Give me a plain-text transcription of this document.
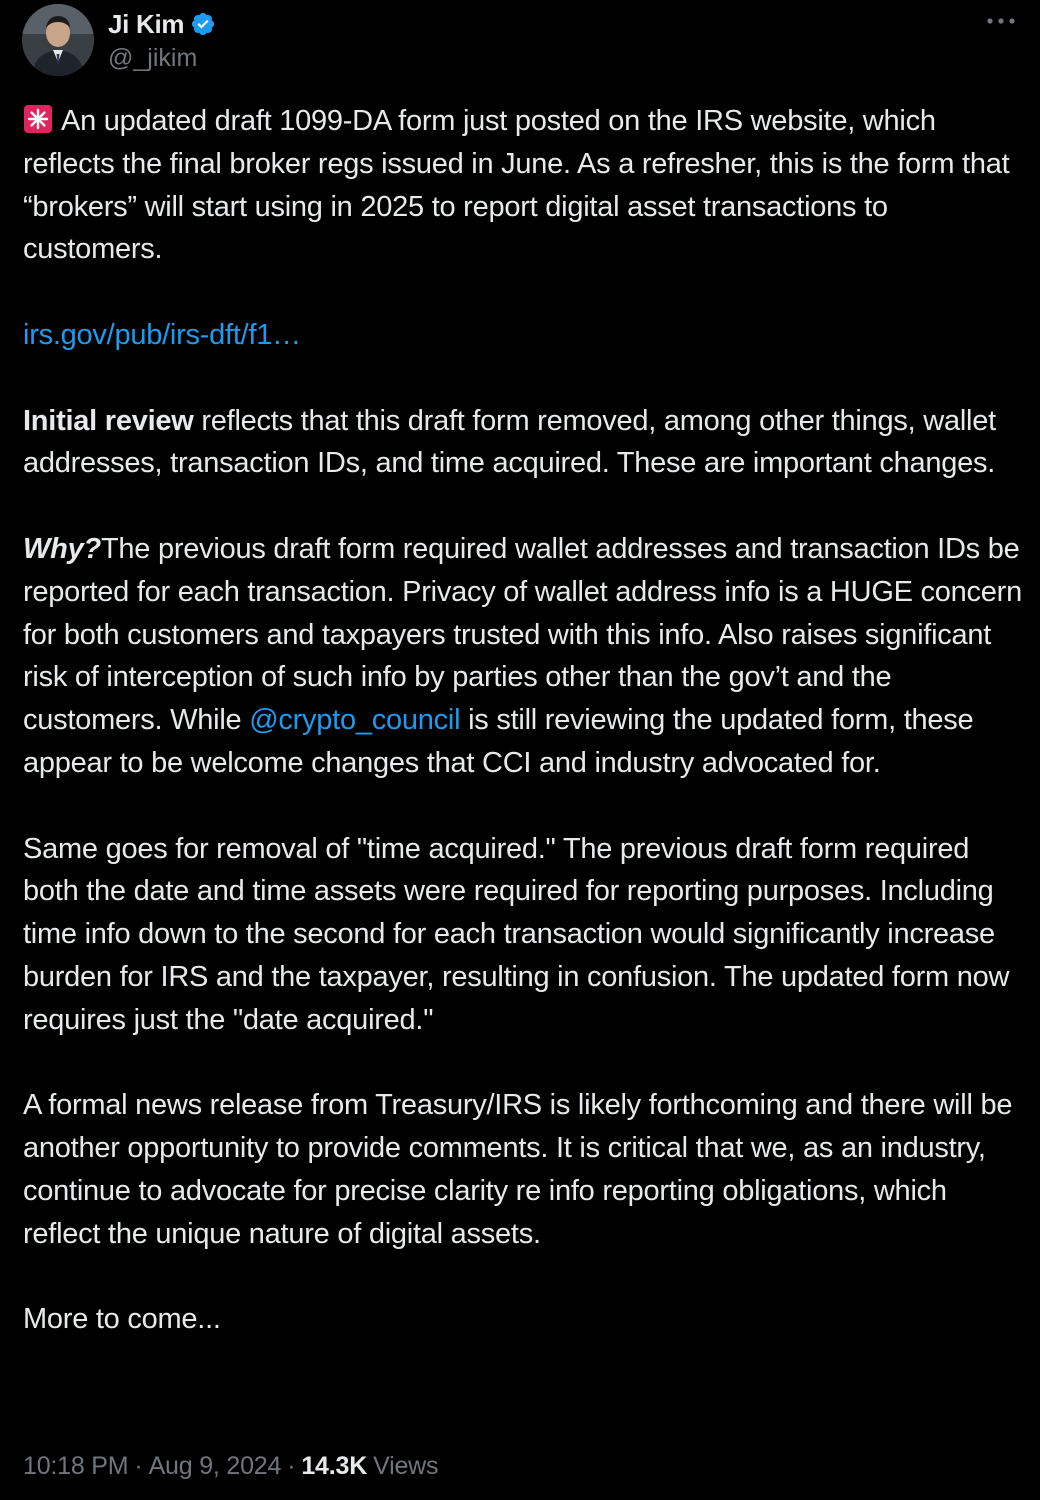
Ji Kim
@_jikim

An updated draft 1099-DA form just posted on the IRS website, which reflects the final broker regs issued in June. As a refresher, this is the form that “brokers” will start using in 2025 to report digital asset transactions to customers.

irs.gov/pub/irs-dft/f1…

Initial review reflects that this draft form removed, among other things, wallet addresses, transaction IDs, and time acquired. These are important changes.

Why?The previous draft form required wallet addresses and transaction IDs be reported for each transaction. Privacy of wallet address info is a HUGE concern for both customers and taxpayers trusted with this info. Also raises significant risk of interception of such info by parties other than the gov’t and the customers. While @crypto_council is still reviewing the updated form, these appear to be welcome changes that CCI and industry advocated for.

Same goes for removal of "time acquired." The previous draft form required both the date and time assets were required for reporting purposes. Including time info down to the second for each transaction would significantly increase burden for IRS and the taxpayer, resulting in confusion. The updated form now requires just the "date acquired."

A formal news release from Treasury/IRS is likely forthcoming and there will be another opportunity to provide comments. It is critical that we, as an industry, continue to advocate for precise clarity re info reporting obligations, which reflect the unique nature of digital assets.

More to come...

10:18 PM · Aug 9, 2024 · 14.3K Views
